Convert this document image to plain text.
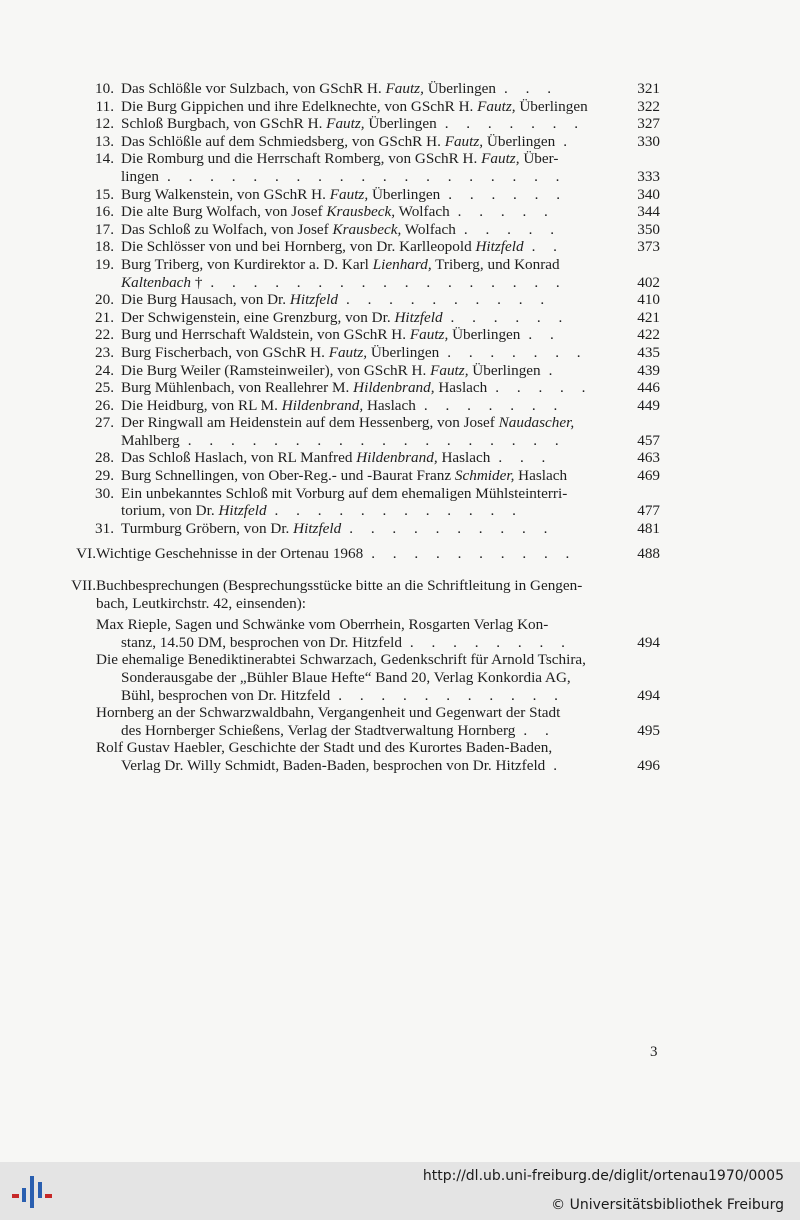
10. Das Schlößle vor Sulzbach, von GSchR H. Fautz, Überlingen . . .	321
11. Die Burg Gippichen und ihre Edelknechte, von GSchR H. Fautz, Überlingen	322
12. Schloß Burgbach, von GSchR H. Fautz, Überlingen . . . . . . .	327
13. Das Schlößle auf dem Schmiedsberg, von GSchR H. Fautz, Überlingen .	330
14. Die Romburg und die Herrschaft Romberg, von GSchR H. Fautz, Über-
lingen . . . . . . . . . . . . . . . . . . .	333
15. Burg Walkenstein, von GSchR H. Fautz, Überlingen . . . . . .	340
16. Die alte Burg Wolfach, von Josef Krausbeck, Wolfach . . . . .	344
17. Das Schloß zu Wolfach, von Josef Krausbeck, Wolfach . . . . .	350
18. Die Schlösser von und bei Hornberg, von Dr. Karlleopold Hitzfeld . .	373
19. Burg Triberg, von Kurdirektor a. D. Karl Lienhard, Triberg, und Konrad
Kaltenbach † . . . . . . . . . . . . . . . . .	402
20. Die Burg Hausach, von Dr. Hitzfeld . . . . . . . . . .	410
21. Der Schwigenstein, eine Grenzburg, von Dr. Hitzfeld . . . . . .	421
22. Burg und Herrschaft Waldstein, von GSchR H. Fautz, Überlingen . .	422
23. Burg Fischerbach, von GSchR H. Fautz, Überlingen . . . . . . .	435
24. Die Burg Weiler (Ramsteinweiler), von GSchR H. Fautz, Überlingen .	439
25. Burg Mühlenbach, von Reallehrer M. Hildenbrand, Haslach . . . . .	446
26. Die Heidburg, von RL M. Hildenbrand, Haslach . . . . . . .	449
27. Der Ringwall am Heidenstein auf dem Hessenberg, von Josef Naudascher,
Mahlberg . . . . . . . . . . . . . . . . . .	457
28. Das Schloß Haslach, von RL Manfred Hildenbrand, Haslach . . .	463
29. Burg Schnellingen, von Ober-Reg.- und -Baurat Franz Schmider, Haslach	469
30. Ein unbekanntes Schloß mit Vorburg auf dem ehemaligen Mühlsteinterri-
torium, von Dr. Hitzfeld . . . . . . . . . . . .	477
31. Turmburg Gröbern, von Dr. Hitzfeld . . . . . . . . . .	481
VI. Wichtige Geschehnisse in der Ortenau 1968 . . . . . . . . . .	488
VII. Buchbesprechungen (Besprechungsstücke bitte an die Schriftleitung in Gengen-
bach, Leutkirchstr. 42, einsenden):
Max Rieple, Sagen und Schwänke vom Oberrhein, Rosgarten Verlag Kon-
stanz, 14.50 DM, besprochen von Dr. Hitzfeld . . . . . . . .	494
Die ehemalige Benediktinerabtei Schwarzach, Gedenkschrift für Arnold Tschira,
Sonderausgabe der „Bühler Blaue Hefte“ Band 20, Verlag Konkordia AG,
Bühl, besprochen von Dr. Hitzfeld . . . . . . . . . . .	494
Hornberg an der Schwarzwaldbahn, Vergangenheit und Gegenwart der Stadt
des Hornberger Schießens, Verlag der Stadtverwaltung Hornberg . .	495
Rolf Gustav Haebler, Geschichte der Stadt und des Kurortes Baden-Baden,
Verlag Dr. Willy Schmidt, Baden-Baden, besprochen von Dr. Hitzfeld .	496
3
http://dl.ub.uni-freiburg.de/diglit/ortenau1970/0005
© Universitätsbibliothek Freiburg
